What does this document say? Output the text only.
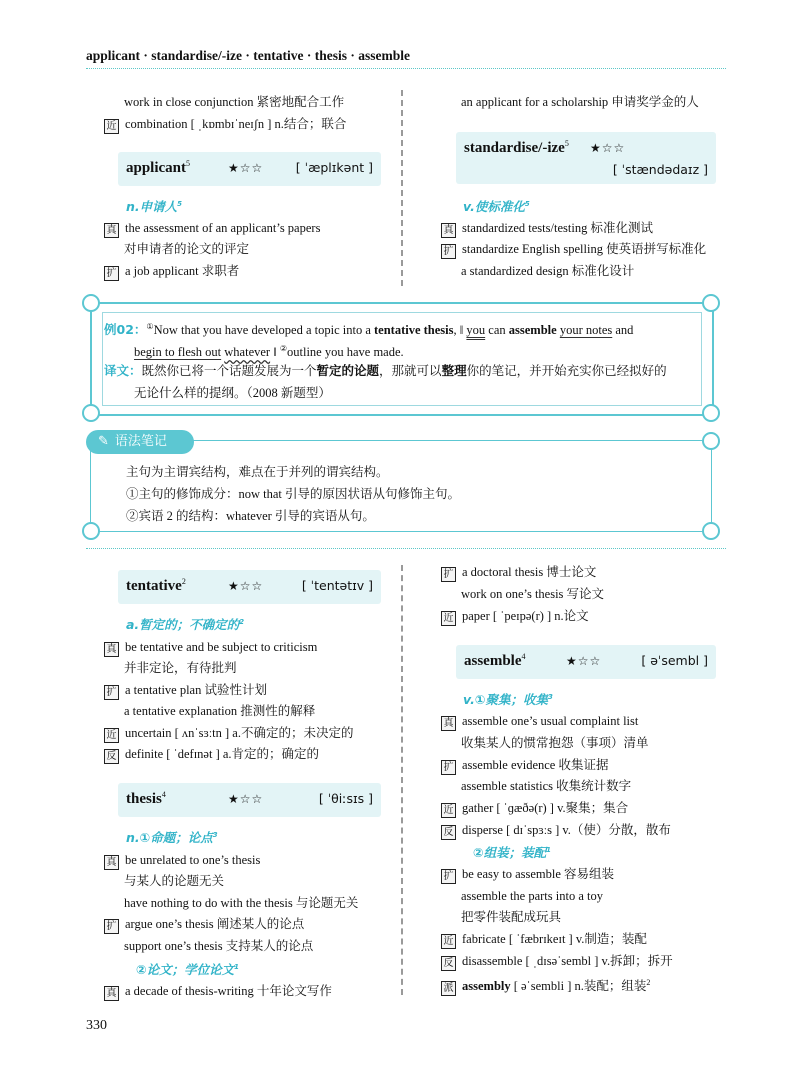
applicant · standardise/-ize · tentative · thesis · assemble
work in close conjunction 紧密地配合工作
近 combination [ ˌkɒmbɪˈneɪʃn ] n.结合；联合
applicant$^5$	★☆☆	[ ˈæplɪkənt ]
n.申请人$^5$
真 the assessment of an applicant’s papers
对申请者的论文的评定
扩 a job applicant 求职者
an applicant for a scholarship 申请奖学金的人
standardise/-ize$^5$ ★☆☆
[ ˈstændədaɪz ]
v.使标准化$^5$
真 standardized tests/testing 标准化测试
扩 standardize English spelling 使英语拼写标准化
a standardized design 标准化设计
例02：①Now that you have developed a topic into a tentative thesis, ‖ you can assemble your notes and
begin to flesh out whatever ‖ ②outline you have made.
译文：既然你已将一个话题发展为一个暂定的论题，那就可以整理你的笔记，并开始充实你已经拟好的
无论什么样的提纲。（2008 新题型）
✎ 语法笔记
主句为主谓宾结构，难点在于并列的谓宾结构。
①主句的修饰成分：now that 引导的原因状语从句修饰主句。
②宾语 2 的结构：whatever 引导的宾语从句。
tentative$^2$	★☆☆	[ ˈtentətɪv ]
a.暂定的；不确定的$^2$
真 be tentative and be subject to criticism
并非定论，有待批判
扩 a tentative plan 试验性计划
a tentative explanation 推测性的解释
近 uncertain [ ʌnˈsɜːtn ] a.不确定的；未决定的
反 definite [ ˈdefɪnət ] a.肯定的；确定的
thesis$^4$	★☆☆	[ ˈθiːsɪs ]
n.①命题；论点$^3$
真 be unrelated to one’s thesis
与某人的论题无关
have nothing to do with the thesis 与论题无关
扩 argue one’s thesis 阐述某人的论点
support one’s thesis 支持某人的论点
②论文；学位论文$^1$
真 a decade of thesis-writing 十年论文写作
扩 a doctoral thesis 博士论文
work on one’s thesis 写论文
近 paper [ ˈpeɪpə(r) ] n.论文
assemble$^4$	★☆☆	[ əˈsembl ]
v.①聚集；收集$^3$
真 assemble one’s usual complaint list
收集某人的惯常抱怨（事项）清单
扩 assemble evidence 收集证据
assemble statistics 收集统计数字
近 gather [ ˈɡæðə(r) ] v.聚集；集合
反 disperse [ dɪˈspɜːs ] v.（使）分散，散布
②组装；装配$^1$
扩 be easy to assemble 容易组装
assemble the parts into a toy
把零件装配成玩具
近 fabricate [ ˈfæbrɪkeɪt ] v.制造；装配
反 disassemble [ ˌdɪsəˈsembl ] v.拆卸；拆开
派 assembly [ əˈsembli ] n.装配；组装$^2$
330
